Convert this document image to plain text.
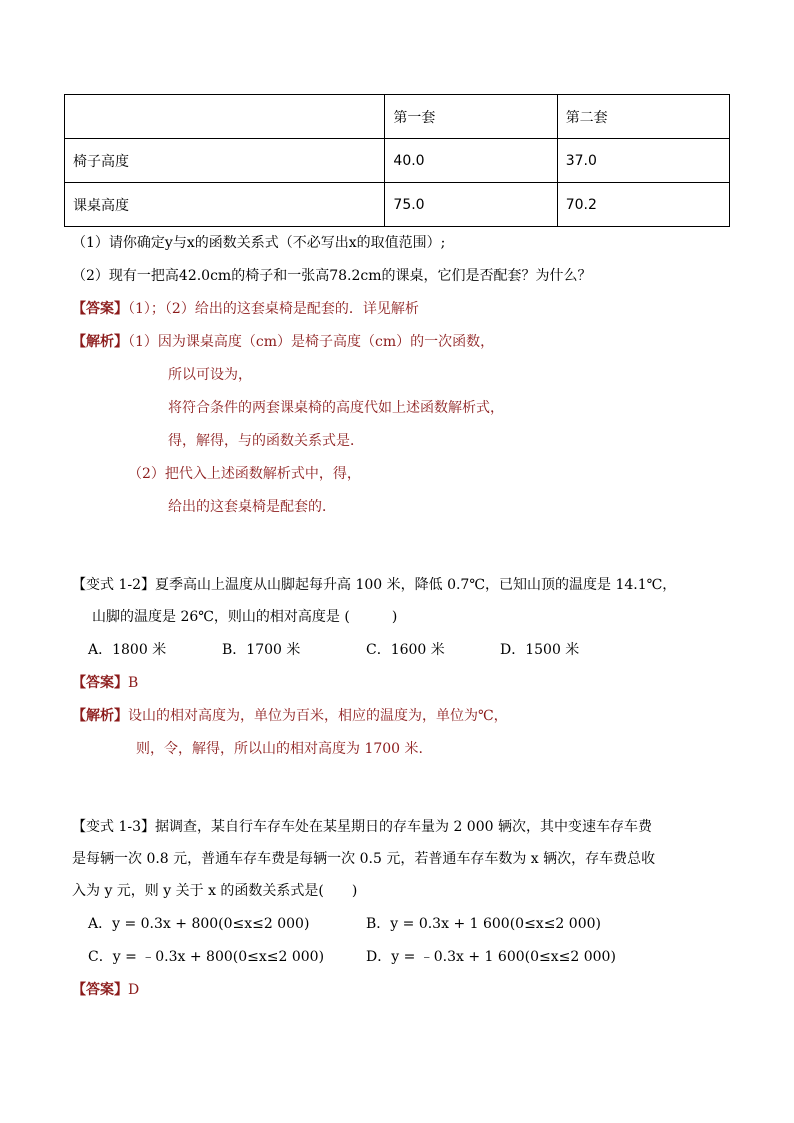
	第一套	第二套
椅子高度	40.0	37.0
课桌高度	75.0	70.2
（1）请你确定y与x的函数关系式（不必写出x的取值范围）;
（2）现有一把高42.0cm的椅子和一张高78.2cm的课桌，它们是否配套？为什么？
【答案】（1）；（2）给出的这套桌椅是配套的．详见解析
【解析】（1）因为课桌高度（cm）是椅子高度（cm）的一次函数，
所以可设为，
将符合条件的两套课桌椅的高度代如上述函数解析式，
得，解得，与的函数关系式是．
（2）把代入上述函数解析式中，得，
给出的这套桌椅是配套的．
【变式 1-2】夏季高山上温度从山脚起每升高 100 米，降低 0.7℃，已知山顶的温度是 14.1℃，
山脚的温度是 26℃，则山的相对高度是 (　　　)
A．1800 米	B．1700 米	C．1600 米	D．1500 米
【答案】B
【解析】设山的相对高度为，单位为百米，相应的温度为，单位为℃，
则，令，解得，所以山的相对高度为 1700 米.
【变式 1-3】据调查，某自行车存车处在某星期日的存车量为 2 000 辆次，其中变速车存车费
是每辆一次 0.8 元，普通车存车费是每辆一次 0.5 元，若普通车存车数为 x 辆次，存车费总收
入为 y 元，则 y 关于 x 的函数关系式是(　　)
A．y = 0.3x + 800(0≤x≤2 000)	B．y = 0.3x + 1 600(0≤x≤2 000)
C．y = ﹣0.3x + 800(0≤x≤2 000)	D．y = ﹣0.3x + 1 600(0≤x≤2 000)
【答案】D
